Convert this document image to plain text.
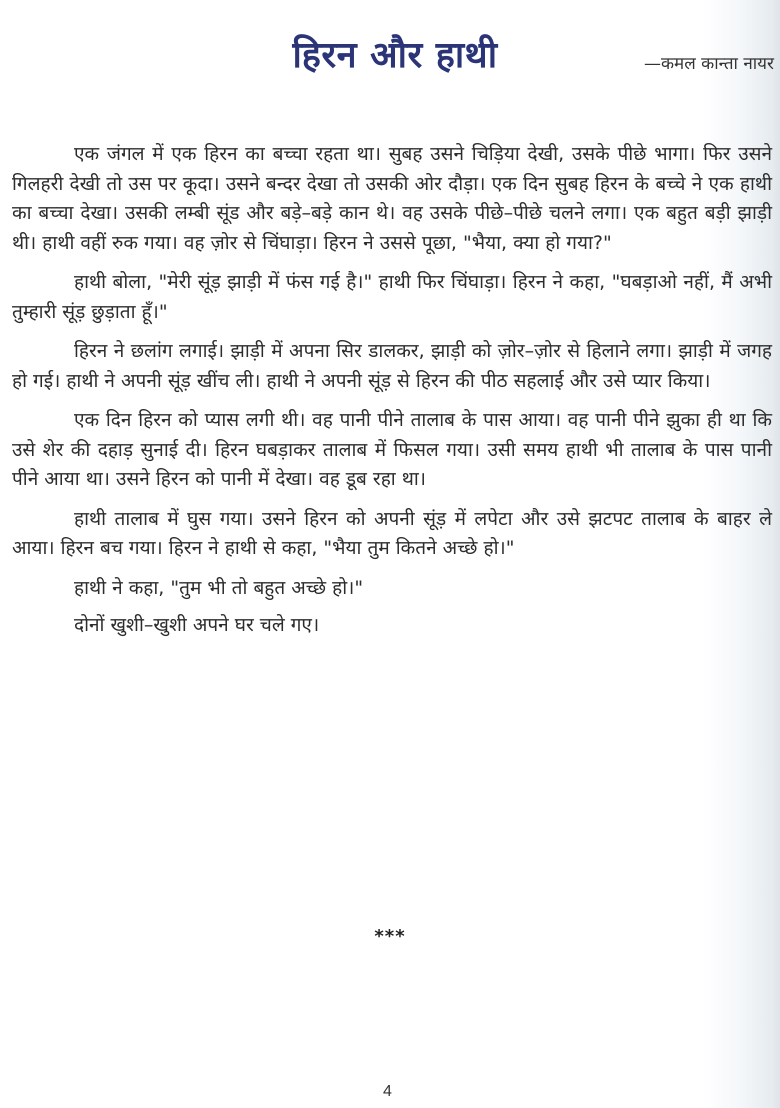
हिरन और हाथी	—कमल कान्ता नायर

एक जंगल में एक हिरन का बच्चा रहता था। सुबह उसने चिड़िया देखी, उसके पीछे भागा। फिर उसने गिलहरी देखी तो उस पर कूदा। उसने बन्दर देखा तो उसकी ओर दौड़ा। एक दिन सुबह हिरन के बच्चे ने एक हाथी का बच्चा देखा। उसकी लम्बी सूंड और बड़े–बड़े कान थे। वह उसके पीछे–पीछे चलने लगा। एक बहुत बड़ी झाड़ी थी। हाथी वहीं रुक गया। वह ज़ोर से चिंघाड़ा। हिरन ने उससे पूछा, "भैया, क्या हो गया?"

हाथी बोला, "मेरी सूंड़ झाड़ी में फंस गई है।" हाथी फिर चिंघाड़ा। हिरन ने कहा, "घबड़ाओ नहीं, मैं अभी तुम्हारी सूंड़ छुड़ाता हूँ।"

हिरन ने छलांग लगाई। झाड़ी में अपना सिर डालकर, झाड़ी को ज़ोर–ज़ोर से हिलाने लगा। झाड़ी में जगह हो गई। हाथी ने अपनी सूंड़ खींच ली। हाथी ने अपनी सूंड़ से हिरन की पीठ सहलाई और उसे प्यार किया।

एक दिन हिरन को प्यास लगी थी। वह पानी पीने तालाब के पास आया। वह पानी पीने झुका ही था कि उसे शेर की दहाड़ सुनाई दी। हिरन घबड़ाकर तालाब में फिसल गया। उसी समय हाथी भी तालाब के पास पानी पीने आया था। उसने हिरन को पानी में देखा। वह डूब रहा था।

हाथी तालाब में घुस गया। उसने हिरन को अपनी सूंड़ में लपेटा और उसे झटपट तालाब के बाहर ले आया। हिरन बच गया। हिरन ने हाथी से कहा, "भैया तुम कितने अच्छे हो।"

हाथी ने कहा, "तुम भी तो बहुत अच्छे हो।"

दोनों खुशी–खुशी अपने घर चले गए।

***
4
